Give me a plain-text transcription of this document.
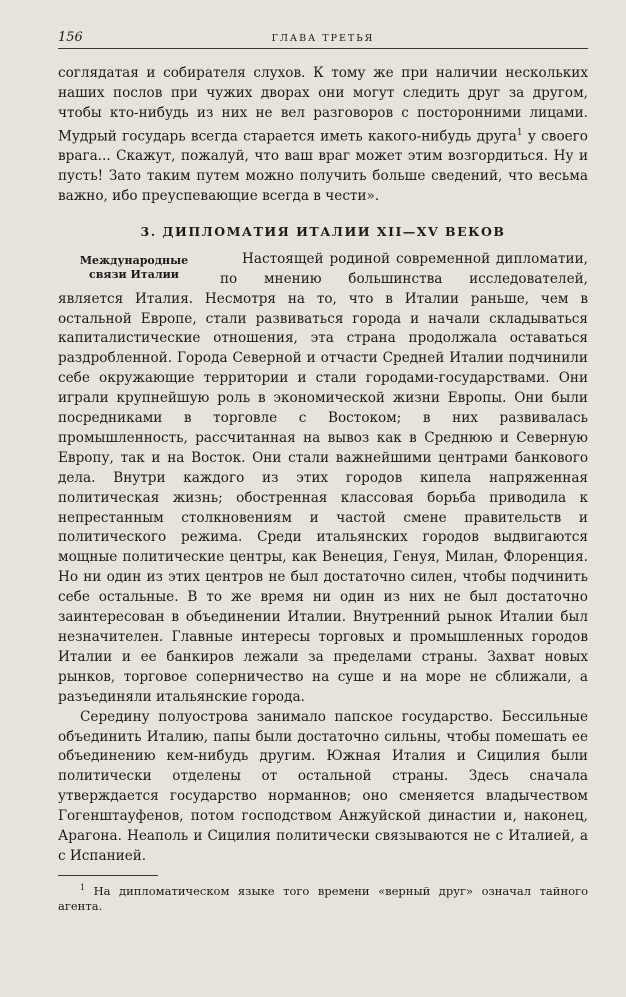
156	ГЛАВА ТРЕТЬЯ

соглядатая и собирателя слухов. К тому же при наличии нескольких наших послов при чужих дворах они могут следить друг за другом, чтобы кто-нибудь из них не вел разговоров с посторонними лицами. Мудрый государь всегда старается иметь какого-нибудь друга$^1$ у своего врага... Скажут, пожалуй, что ваш враг может этим возгордиться. Ну и пусть! Зато таким путем можно получить больше сведений, что весьма важно, ибо преуспевающие всегда в чести».

3. ДИПЛОМАТИЯ ИТАЛИИ XII—XV ВЕКОВ
Международные
связи Италии

Настоящей родиной современной дипломатии, по мнению большинства исследователей, является Италия. Несмотря на то, что в Италии раньше, чем в остальной Европе, стали развиваться города и начали складываться капиталистические отношения, эта страна продолжала оставаться раздробленной. Города Северной и отчасти Средней Италии подчинили себе окружающие территории и стали городами-государствами. Они играли крупнейшую роль в экономической жизни Европы. Они были посредниками в торговле с Востоком; в них развивалась промышленность, рассчитанная на вывоз как в Среднюю и Северную Европу, так и на Восток. Они стали важнейшими центрами банкового дела. Внутри каждого из этих городов кипела напряженная политическая жизнь; обостренная классовая борьба приводила к непрестанным столкновениям и частой смене правительств и политического режима. Среди итальянских городов выдвигаются мощные политические центры, как Венеция, Генуя, Милан, Флоренция. Но ни один из этих центров не был достаточно силен, чтобы подчинить себе остальные. В то же время ни один из них не был достаточно заинтересован в объединении Италии. Внутренний рынок Италии был незначителен. Главные интересы торговых и промышленных городов Италии и ее банкиров лежали за пределами страны. Захват новых рынков, торговое соперничество на суше и на море не сближали, а разъединяли итальянские города.

Середину полуострова занимало папское государство. Бессильные объединить Италию, папы были достаточно сильны, чтобы помешать ее объединению кем-нибудь другим. Южная Италия и Сицилия были политически отделены от остальной страны. Здесь сначала утверждается государство норманнов; оно сменяется владычеством Гогенштауфенов, потом господством Анжуйской династии и, наконец, Арагона. Неаполь и Сицилия политически связываются не с Италией, а с Испанией.

$^1$ На дипломатическом языке того времени «верный друг» означал тайного агента.
